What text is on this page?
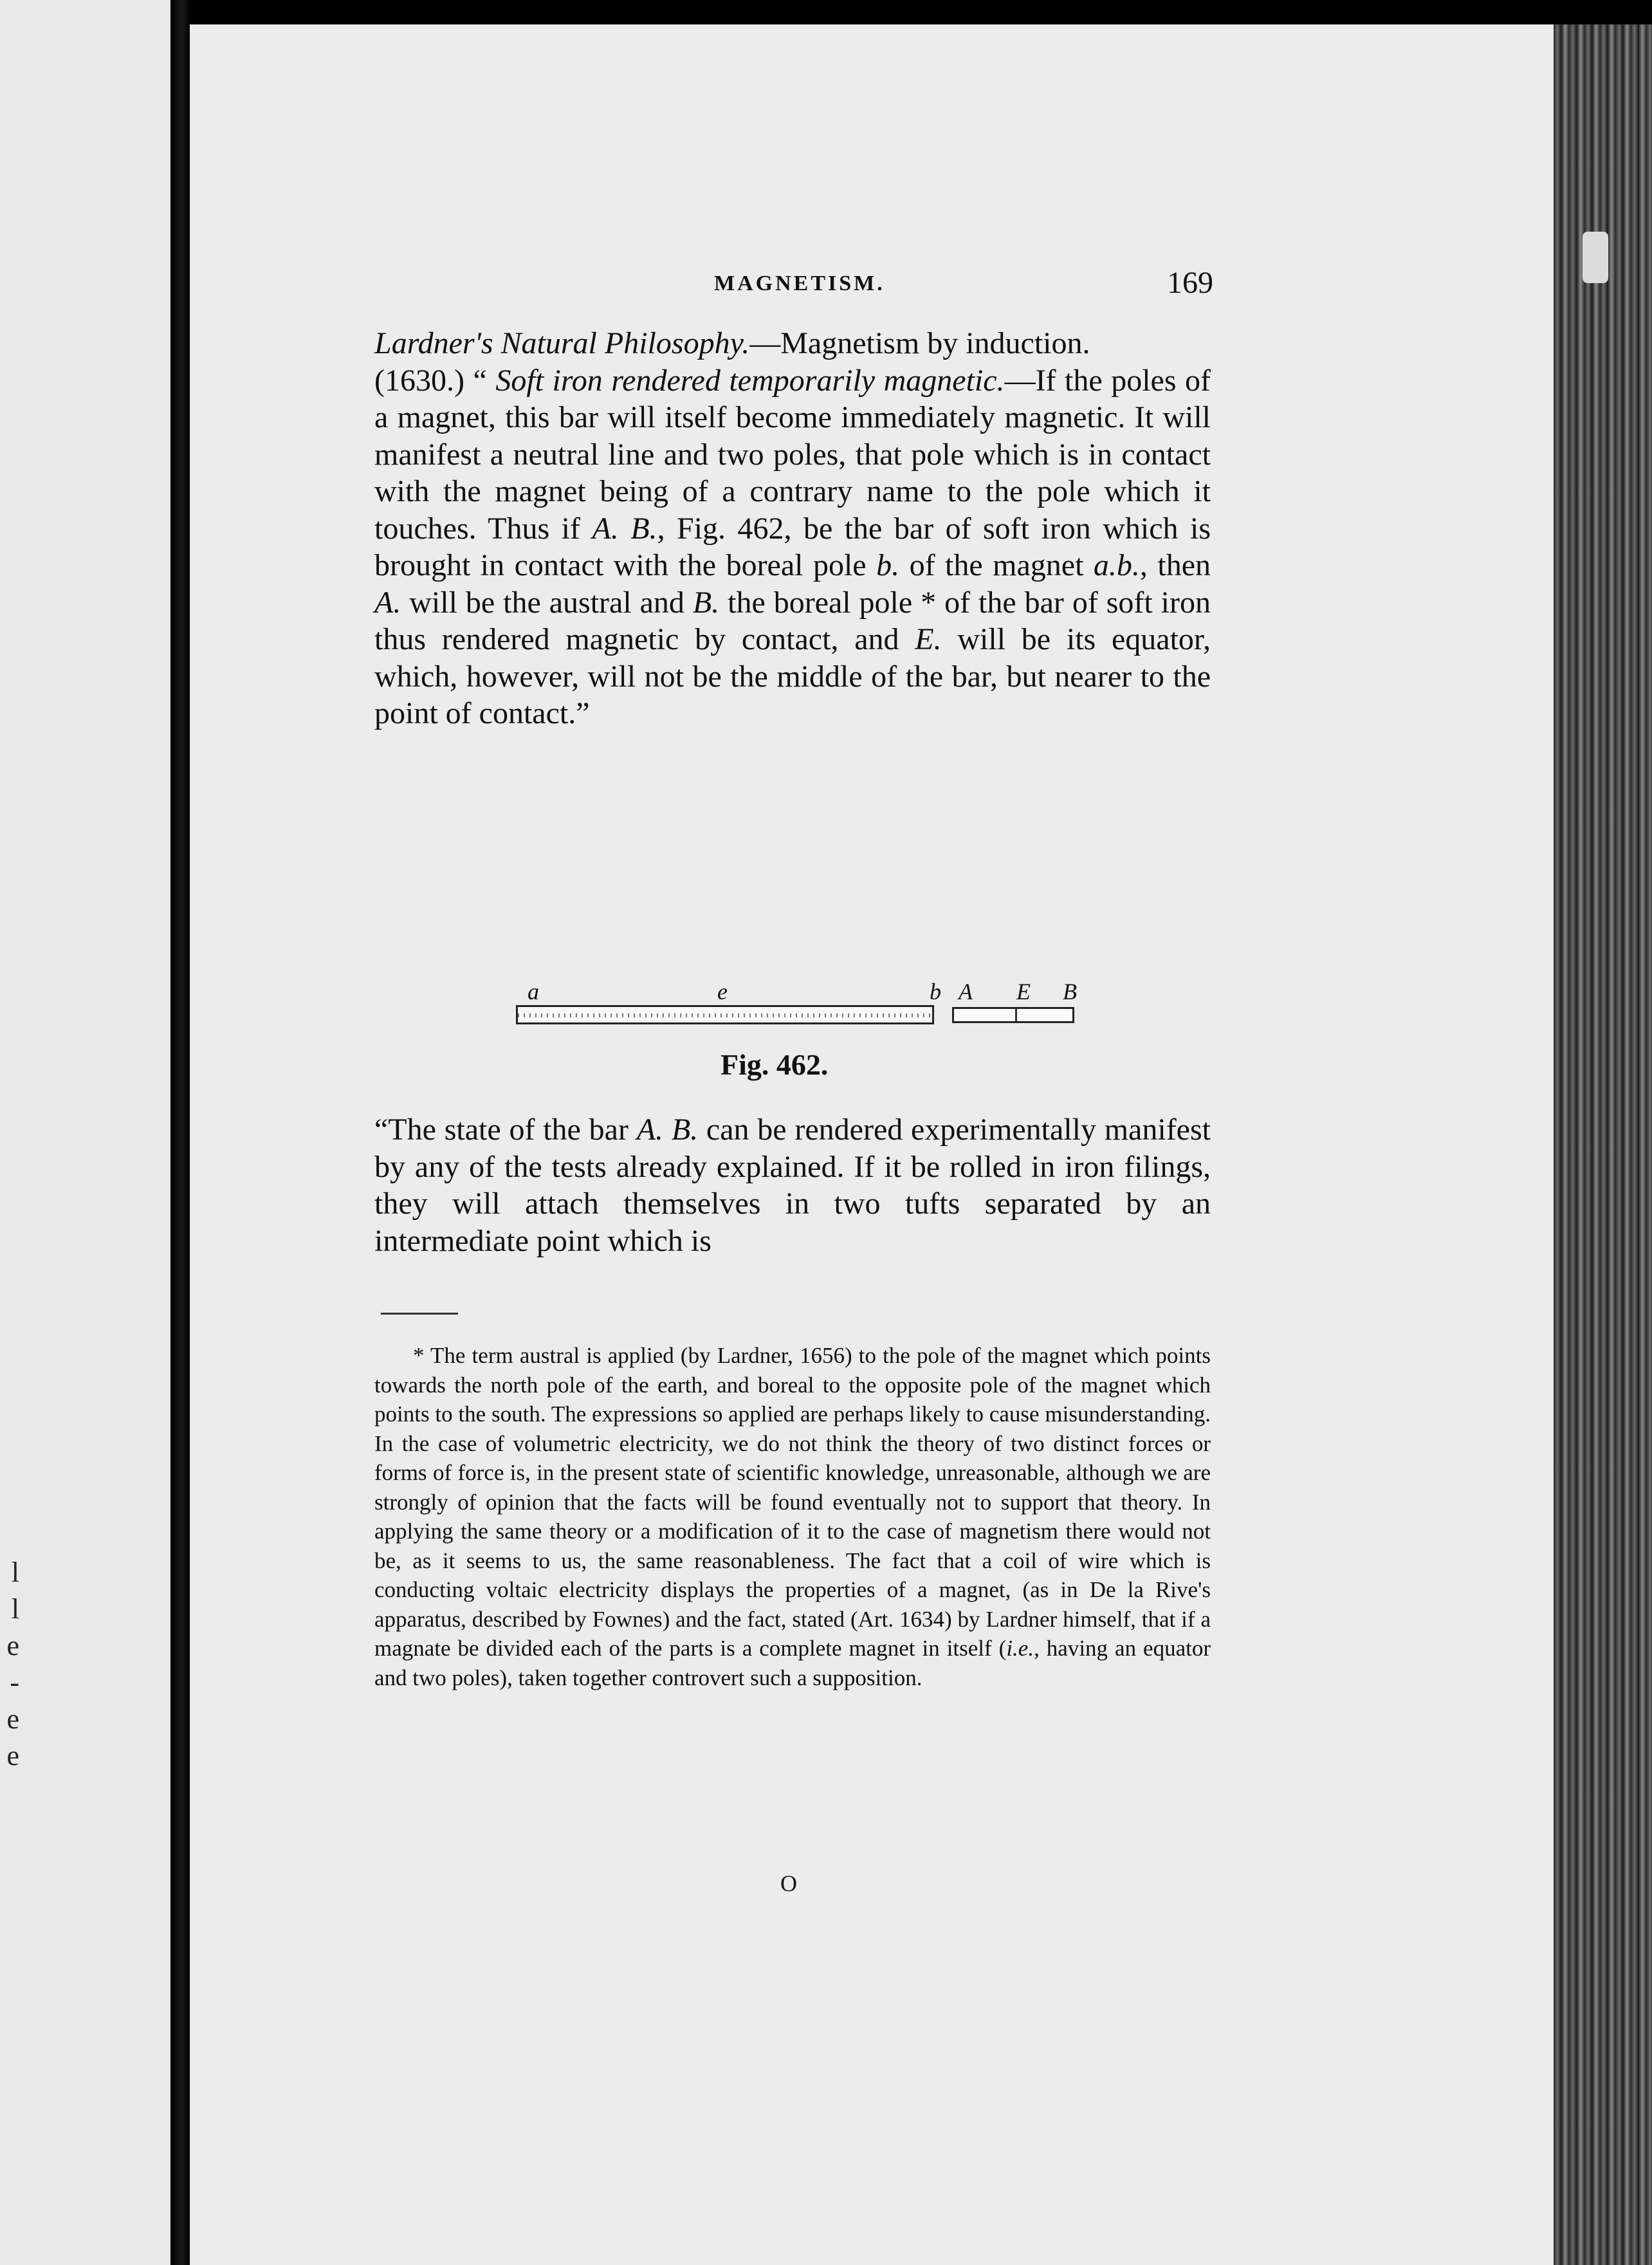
l
l
e
-
e
e
MAGNETISM.	169

Lardner's Natural Philosophy.—Magnetism by induction.

(1630.) “ Soft iron rendered temporarily magnetic.—If the poles of a magnet, this bar will itself become immediately magnetic. It will manifest a neutral line and two poles, that pole which is in contact with the magnet being of a contrary name to the pole which it touches. Thus if A. B., Fig. 462, be the bar of soft iron which is brought in contact with the boreal pole b. of the magnet a.b., then A. will be the austral and B. the boreal pole * of the bar of soft iron thus rendered magnetic by contact, and E. will be its equator, which, however, will not be the middle of the bar, but nearer to the point of contact.”

a	e	b A E B
Fig. 462.

“The state of the bar A. B. can be rendered experimentally manifest by any of the tests already explained. If it be rolled in iron filings, they will attach themselves in two tufts separated by an intermediate point which is

* The term austral is applied (by Lardner, 1656) to the pole of the magnet which points towards the north pole of the earth, and boreal to the opposite pole of the magnet which points to the south. The expressions so applied are perhaps likely to cause misunderstanding. In the case of volumetric electricity, we do not think the theory of two distinct forces or forms of force is, in the present state of scientific knowledge, unreasonable, although we are strongly of opinion that the facts will be found eventually not to support that theory. In applying the same theory or a modification of it to the case of magnetism there would not be, as it seems to us, the same reasonableness. The fact that a coil of wire which is conducting voltaic electricity displays the properties of a magnet, (as in De la Rive's apparatus, described by Fownes) and the fact, stated (Art. 1634) by Lardner himself, that if a magnate be divided each of the parts is a complete magnet in itself (i.e., having an equator and two poles), taken together controvert such a supposition.

O
